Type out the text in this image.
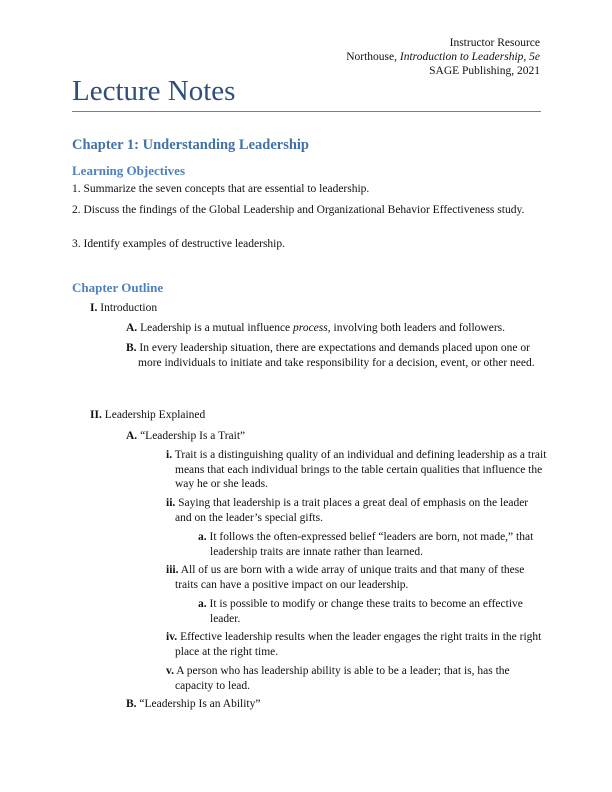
Instructor Resource
Northouse, Introduction to Leadership, 5e
SAGE Publishing, 2021
Lecture Notes
Chapter 1: Understanding Leadership
Learning Objectives
1. Summarize the seven concepts that are essential to leadership.
2. Discuss the findings of the Global Leadership and Organizational Behavior Effectiveness study.
3. Identify examples of destructive leadership.
Chapter Outline
I. Introduction
A. Leadership is a mutual influence process, involving both leaders and followers.
B. In every leadership situation, there are expectations and demands placed upon one or more individuals to initiate and take responsibility for a decision, event, or other need.
II. Leadership Explained
A. “Leadership Is a Trait”
i. Trait is a distinguishing quality of an individual and defining leadership as a trait means that each individual brings to the table certain qualities that influence the way he or she leads.
ii. Saying that leadership is a trait places a great deal of emphasis on the leader and on the leader’s special gifts.
a. It follows the often-expressed belief “leaders are born, not made,” that leadership traits are innate rather than learned.
iii. All of us are born with a wide array of unique traits and that many of these traits can have a positive impact on our leadership.
a. It is possible to modify or change these traits to become an effective leader.
iv. Effective leadership results when the leader engages the right traits in the right place at the right time.
v. A person who has leadership ability is able to be a leader; that is, has the capacity to lead.
B. “Leadership Is an Ability”
